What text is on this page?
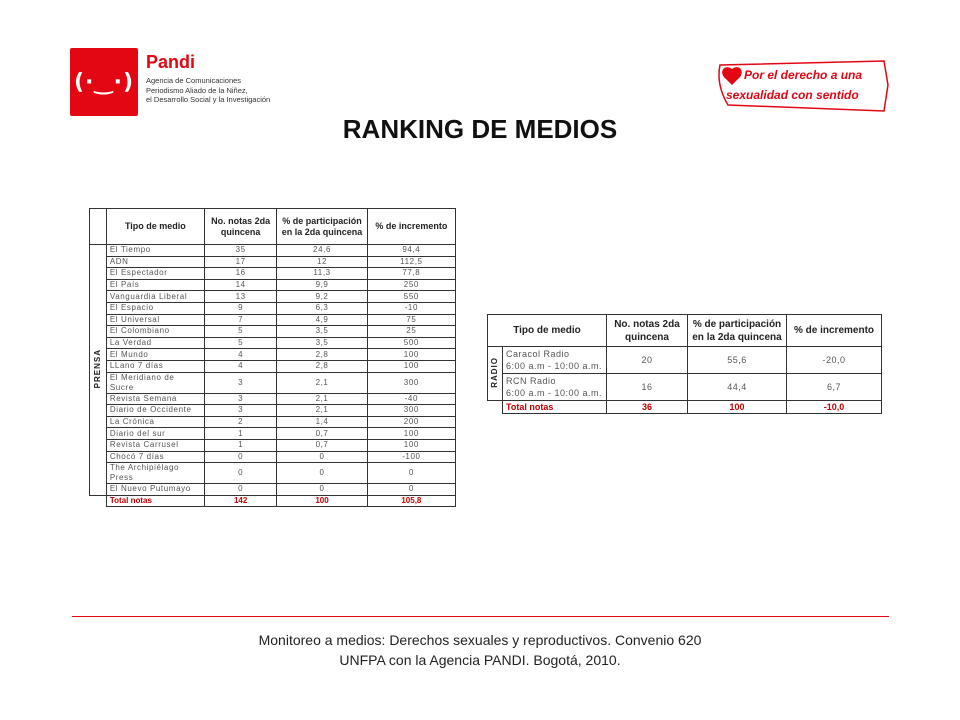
(·‿·)
Pandi
Agencia de Comunicaciones
Periodismo Aliado de la Niñez,
el Desarrollo Social y la Investigación
Por el derecho a una
sexualidad con sentido
RANKING DE MEDIOS
	Tipo de medio	No. notas 2da quincena	% de participación en la 2da quincena	% de incremento
PRENSA	El Tiempo	35	24,6	94,4
	ADN	17	12	112,5
	El Espectador	16	11,3	77,8
	El País	14	9,9	250
	Vanguardia Liberal	13	9,2	550
	El Espacio	9	6,3	-10
	El Universal	7	4,9	75
	El Colombiano	5	3,5	25
	La Verdad	5	3,5	500
	El Mundo	4	2,8	100
	LLano 7 días	4	2,8	100
	El Meridiano de Sucre	3	2,1	300
	Revista Semana	3	2,1	-40
	Diario de Occidente	3	2,1	300
	La Crónica	2	1,4	200
	Diario del sur	1	0,7	100
	Revista Carrusel	1	0,7	100
	Chocó 7 días	0	0	-100
	The Archipiélago Press	0	0	0
	El Nuevo Putumayo	0	0	0
	Total notas	142	100	105,8
Tipo de medio		No. notas 2da quincena	% de participación en la 2da quincena	% de incremento
RADIO	Caracol Radio
6:00 a.m - 10:00 a.m.	20	55,6	-20,0

	RCN Radio
6:00 a.m - 10:00 a.m.	16	44,4	6,7
	Total notas	36	100	-10,0
Monitoreo a medios: Derechos sexuales y reproductivos. Convenio 620
UNFPA con la Agencia PANDI. Bogotá, 2010.
